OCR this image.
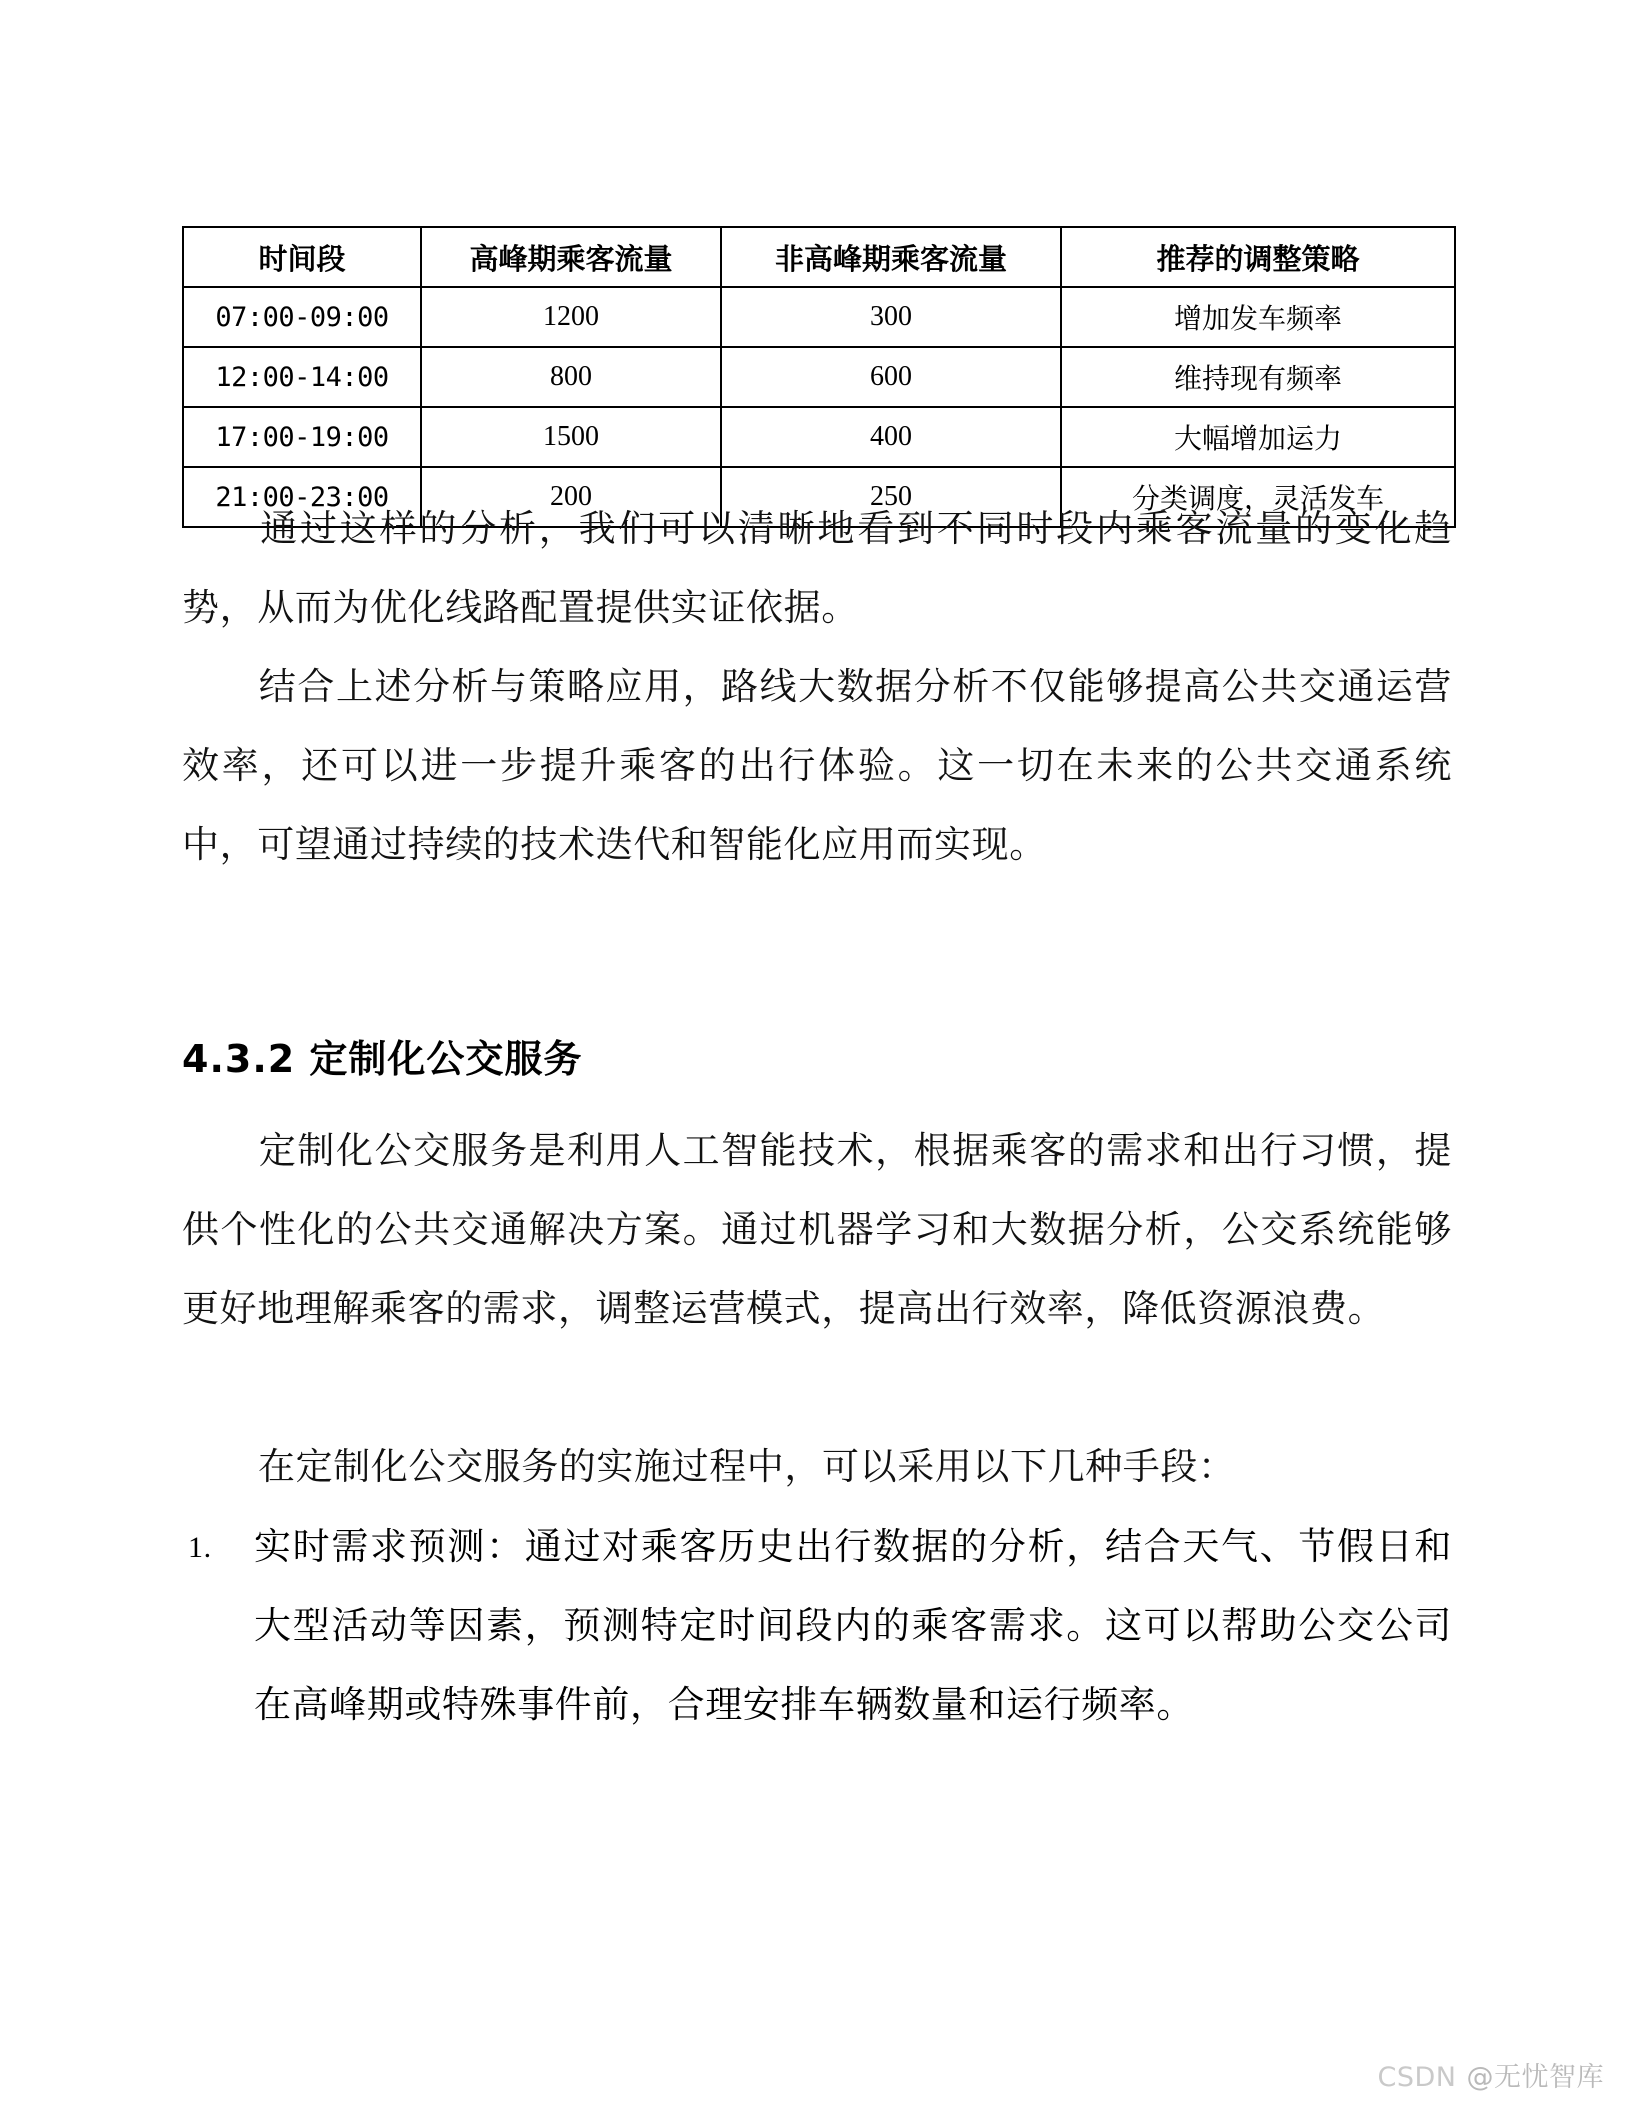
时间段	高峰期乘客流量	非高峰期乘客流量	推荐的调整策略
07:00-09:00	1200	300	增加发车频率
12:00-14:00	800	600	维持现有频率
17:00-19:00	1500	400	大幅增加运力
21:00-23:00	200	250	分类调度，灵活发车
通过这样的分析，我们可以清晰地看到不同时段内乘客流量的变化趋势，从而为优化线路配置提供实证依据。
结合上述分析与策略应用，路线大数据分析不仅能够提高公共交通运营效率，还可以进一步提升乘客的出行体验。这一切在未来的公共交通系统中，可望通过持续的技术迭代和智能化应用而实现。
4.3.2 定制化公交服务
定制化公交服务是利用人工智能技术，根据乘客的需求和出行习惯，提供个性化的公共交通解决方案。通过机器学习和大数据分析，公交系统能够更好地理解乘客的需求，调整运营模式，提高出行效率，降低资源浪费。
在定制化公交服务的实施过程中，可以采用以下几种手段：
1. 实时需求预测：通过对乘客历史出行数据的分析，结合天气、节假日和大型活动等因素，预测特定时间段内的乘客需求。这可以帮助公交公司在高峰期或特殊事件前，合理安排车辆数量和运行频率。
CSDN @无忧智库
